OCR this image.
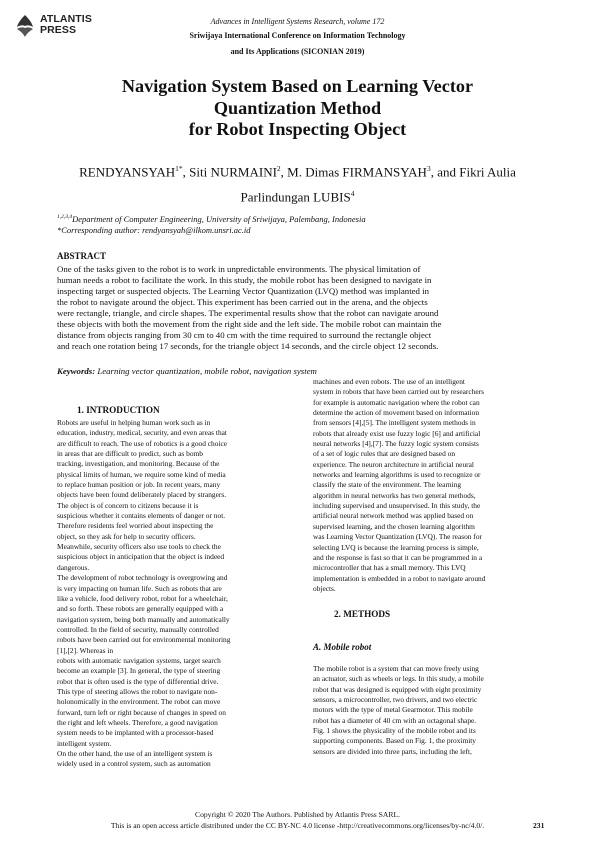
ATLANTIS
PRESS
Advances in Intelligent Systems Research, volume 172
Sriwijaya International Conference on Information Technology
and Its Applications (SICONIAN 2019)
Navigation System Based on Learning Vector
Quantization Method
for Robot Inspecting Object
$RENDYANSYAH^{1*}$, Siti NURMAINI$^2$, M. Dimas FIRMANSYAH$^3$, and Fikri Aulia
Parlindungan LUBIS$^4$
$^{1,2,3,4}$Department of Computer Engineering, University of Sriwijaya, Palembang, Indonesia
*Corresponding author: rendyansyah@ilkom.unsri.ac.id
ABSTRACT
One of the tasks given to the robot is to work in unpredictable environments. The physical limitation of
human needs a robot to facilitate the work. In this study, the mobile robot has been designed to navigate in
inspecting target or suspected objects. The Learning Vector Quantization (LVQ) method was implanted in
the robot to navigate around the object. This experiment has been carried out in the arena, and the objects
were rectangle, triangle, and circle shapes. The experimental results show that the robot can navigate around
these objects with both the movement from the right side and the left side. The mobile robot can maintain the
distance from objects ranging from 30 cm to 40 cm with the time required to surround the rectangle object
and reach one rotation being 17 seconds, for the triangle object 14 seconds, and the circle object 12 seconds.
Keywords: Learning vector quantization, mobile robot, navigation system
1. INTRODUCTION
Robots are useful in helping human work such as in
education, industry, medical, security, and even areas that
are difficult to reach. The use of robotics is a good choice
in areas that are difficult to predict, such as bomb
tracking, investigation, and monitoring. Because of the
physical limits of human, we require some kind of media
to replace human position or job. In recent years, many
objects have been found deliberately placed by strangers.
The object is of concern to citizens because it is
suspicious whether it contains elements of danger or not.
Therefore residents feel worried about inspecting the
object, so they ask for help to security officers.
Meanwhile, security officers also use tools to check the
suspicious object in anticipation that the object is indeed
dangerous.
The development of robot technology is overgrowing and
is very impacting on human life. Such as robots that are
like a vehicle, food delivery robot, robot for a wheelchair,
and so forth. These robots are generally equipped with a
navigation system, being both manually and automatically
controlled. In the field of security, manually controlled
robots have been carried out for environmental monitoring
[1],[2]. Whereas in
robots with automatic navigation systems, target search
become an example [3]. In general, the type of steering
robot that is often used is the type of differential drive.
This type of steering allows the robot to navigate non-
holonomically in the environment. The robot can move
forward, turn left or right because of changes in speed on
the right and left wheels. Therefore, a good navigation
system needs to be implanted with a processor-based
intelligent system.
On the other hand, the use of an intelligent system is
widely used in a control system, such as automation
machines and even robots. The use of an intelligent
system in robots that have been carried out by researchers
for example is automatic navigation where the robot can
determine the action of movement based on information
from sensors [4],[5]. The intelligent system methods in
robots that already exist use fuzzy logic [6] and artificial
neural networks [4],[7]. The fuzzy logic system consists
of a set of logic rules that are designed based on
experience. The neuron architecture in artificial neural
networks and learning algorithms is used to recognize or
classify the state of the environment. The learning
algorithm in neural networks has two general methods,
including supervised and unsupervised. In this study, the
artificial neural network method was applied based on
supervised learning, and the chosen learning algorithm
was Learning Vector Quantization (LVQ). The reason for
selecting LVQ is because the learning process is simple,
and the response is fast so that it can be programmed in a
microcontroller that has a small memory. This LVQ
implementation is embedded in a robot to navigate around
objects.
2. METHODS
A. Mobile robot
The mobile robot is a system that can move freely using
an actuator, such as wheels or legs. In this study, a mobile
robot that was designed is equipped with eight proximity
sensors, a microcontroller, two drivers, and two electric
motors with the type of metal Gearmotor. This mobile
robot has a diameter of 40 cm with an octagonal shape.
Fig. 1 shows the physicality of the mobile robot and its
supporting components. Based on Fig. 1, the proximity
sensors are divided into three parts, including the left,
Copyright © 2020 The Authors. Published by Atlantis Press SARL.
This is an open access article distributed under the CC BY-NC 4.0 license -http://creativecommons.org/licenses/by-nc/4.0/.	231
